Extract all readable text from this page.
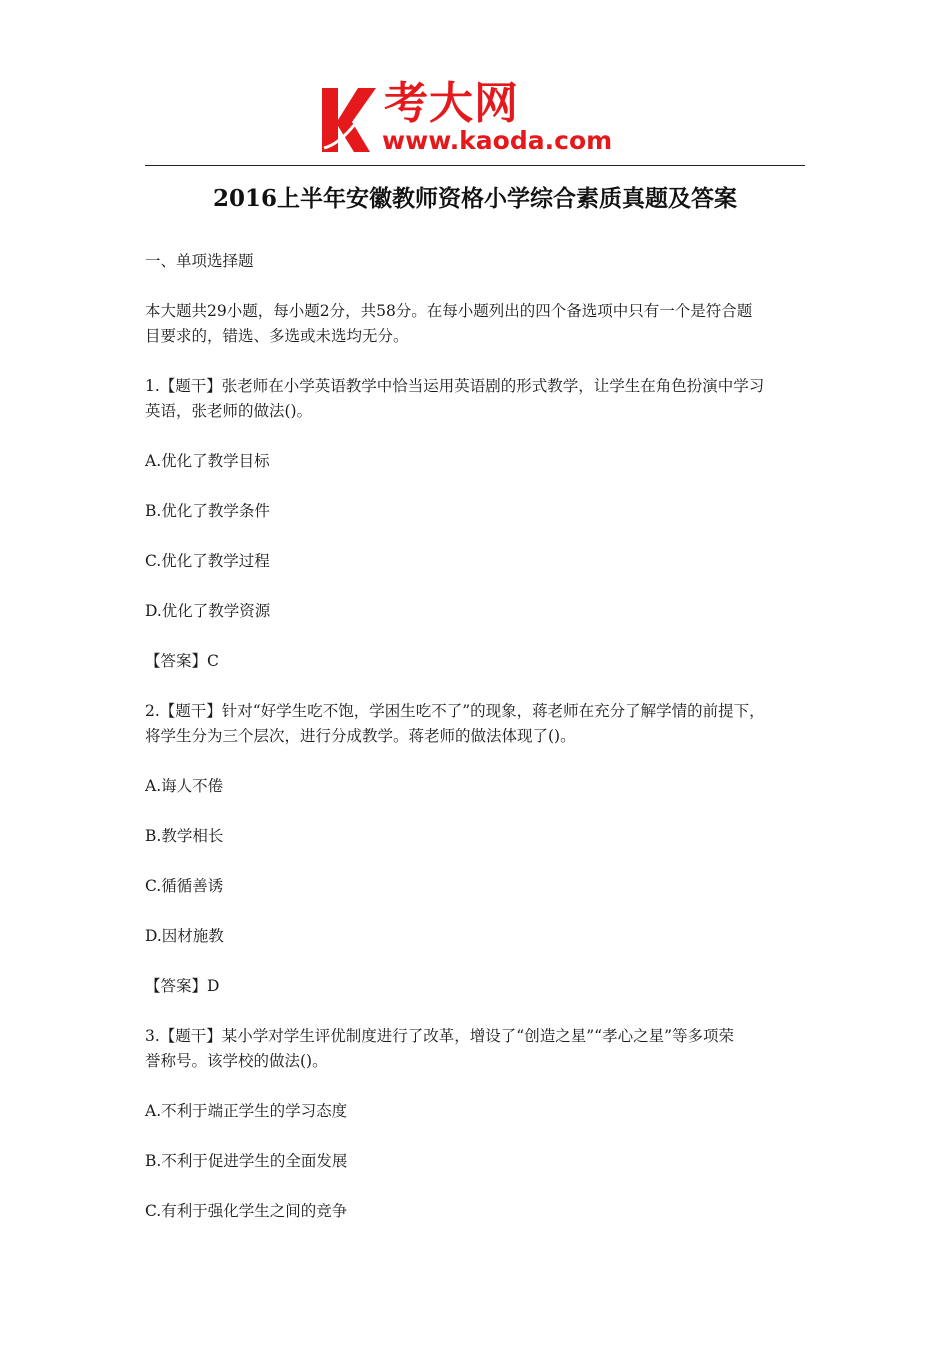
考大网
www.kaoda.com
2016上半年安徽教师资格小学综合素质真题及答案
一、单项选择题
本大题共29小题，每小题2分，共58分。在每小题列出的四个备选项中只有一个是符合题
目要求的，错选、多选或未选均无分。
1.【题干】张老师在小学英语教学中恰当运用英语剧的形式教学，让学生在角色扮演中学习
英语，张老师的做法()。
A.优化了教学目标
B.优化了教学条件
C.优化了教学过程
D.优化了教学资源
【答案】C
2.【题干】针对“好学生吃不饱，学困生吃不了”的现象，蒋老师在充分了解学情的前提下，
将学生分为三个层次，进行分成教学。蒋老师的做法体现了()。
A.诲人不倦
B.教学相长
C.循循善诱
D.因材施教
【答案】D
3.【题干】某小学对学生评优制度进行了改革，增设了“创造之星”“孝心之星”等多项荣
誉称号。该学校的做法()。
A.不利于端正学生的学习态度
B.不利于促进学生的全面发展
C.有利于强化学生之间的竞争
